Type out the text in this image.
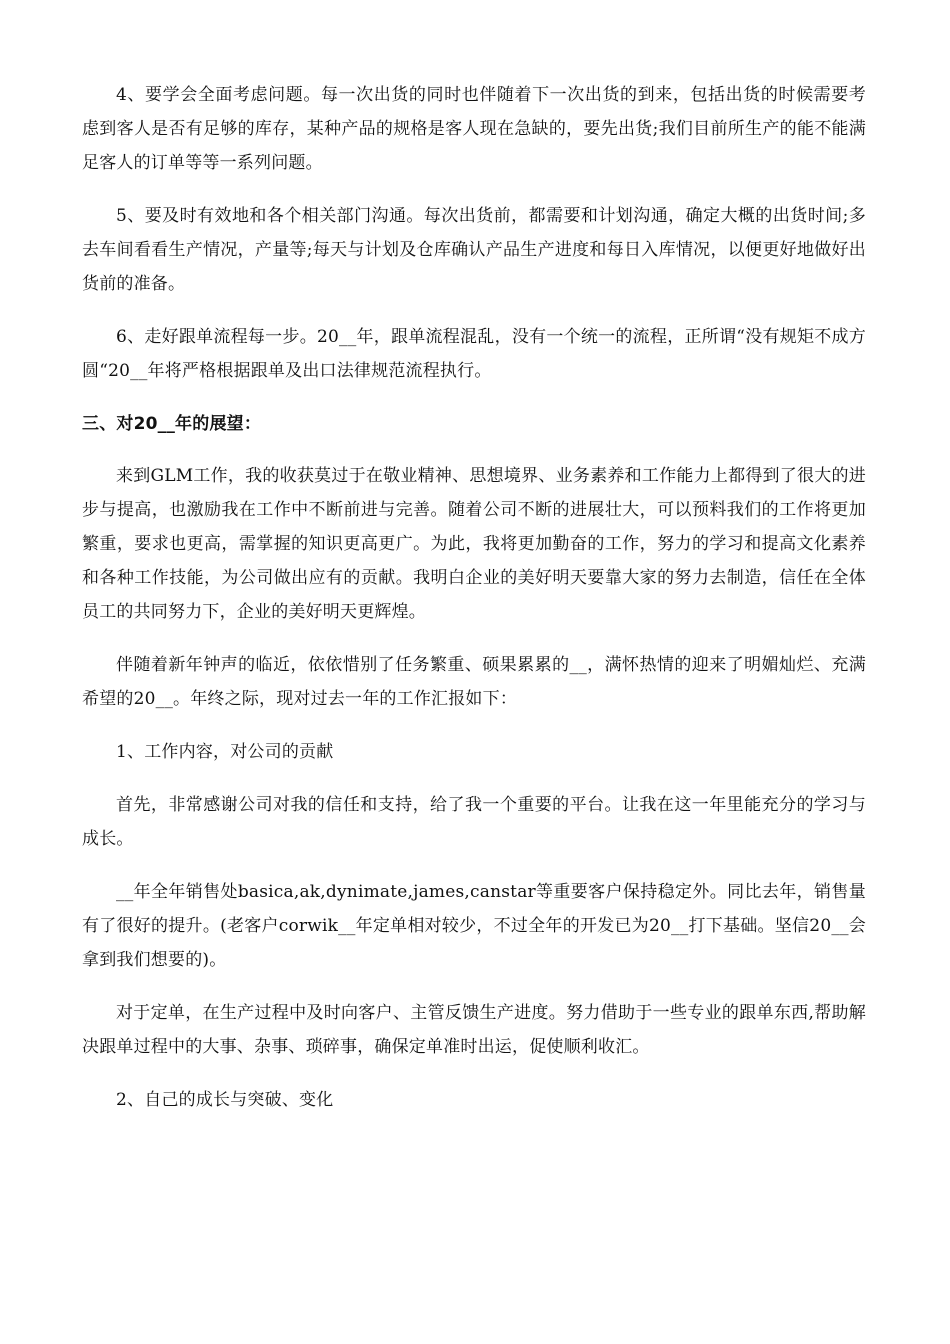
4、要学会全面考虑问题。每一次出货的同时也伴随着下一次出货的到来，包括出货的时候需要考虑到客人是否有足够的库存，某种产品的规格是客人现在急缺的，要先出货;我们目前所生产的能不能满足客人的订单等等一系列问题。

5、要及时有效地和各个相关部门沟通。每次出货前，都需要和计划沟通，确定大概的出货时间;多去车间看看生产情况，产量等;每天与计划及仓库确认产品生产进度和每日入库情况，以便更好地做好出货前的准备。

6、走好跟单流程每一步。20__年，跟单流程混乱，没有一个统一的流程，正所谓“没有规矩不成方圆“20__年将严格根据跟单及出口法律规范流程执行。

三、对20__年的展望：

来到GLM工作，我的收获莫过于在敬业精神、思想境界、业务素养和工作能力上都得到了很大的进步与提高，也激励我在工作中不断前进与完善。随着公司不断的进展壮大，可以预料我们的工作将更加繁重，要求也更高，需掌握的知识更高更广。为此，我将更加勤奋的工作，努力的学习和提高文化素养和各种工作技能，为公司做出应有的贡献。我明白企业的美好明天要靠大家的努力去制造，信任在全体员工的共同努力下，企业的美好明天更辉煌。

伴随着新年钟声的临近，依依惜别了任务繁重、硕果累累的__，满怀热情的迎来了明媚灿烂、充满希望的20__。年终之际，现对过去一年的工作汇报如下：

1、工作内容，对公司的贡献

首先，非常感谢公司对我的信任和支持，给了我一个重要的平台。让我在这一年里能充分的学习与成长。

__年全年销售处basica,ak,dynimate,james,canstar等重要客户保持稳定外。同比去年，销售量有了很好的提升。(老客户corwik__年定单相对较少，不过全年的开发已为20__打下基础。坚信20__会拿到我们想要的)。

对于定单，在生产过程中及时向客户、主管反馈生产进度。努力借助于一些专业的跟单东西,帮助解决跟单过程中的大事、杂事、琐碎事，确保定单准时出运，促使顺利收汇。

2、自己的成长与突破、变化
